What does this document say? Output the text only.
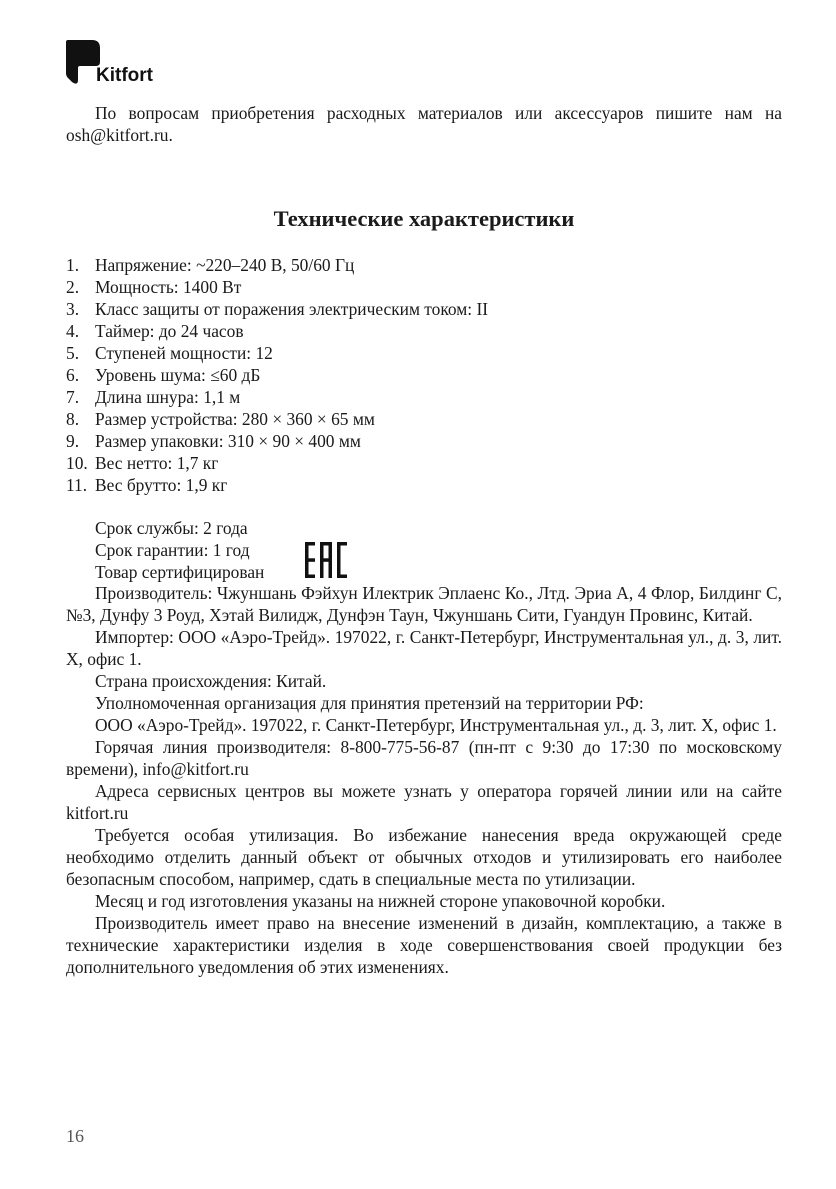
Kitfort

По вопросам приобретения расходных материалов или аксессуаров пишите нам на osh@kitfort.ru.

Технические характеристики
1. Напряжение: ~220–240 В, 50/60 Гц
2. Мощность: 1400 Вт
3. Класс защиты от поражения электрическим током: II
4. Таймер: до 24 часов
5. Ступеней мощности: 12
6. Уровень шума: ≤60 дБ
7. Длина шнура: 1,1 м
8. Размер устройства: 280 × 360 × 65 мм
9. Размер упаковки: 310 × 90 × 400 мм
10. Вес нетто: 1,7 кг
11. Вес брутто: 1,9 кг
Срок службы: 2 года
Срок гарантии: 1 год
Товар сертифицирован

Производитель: Чжуншань Фэйхун Илектрик Эплаенс Ко., Лтд. Эриа А, 4 Флор, Билдинг С, №3, Дунфу 3 Роуд, Хэтай Вилидж, Дунфэн Таун, Чжуншань Сити, Гуандун Провинс, Китай.

Импортер: ООО «Аэро-Трейд». 197022, г. Санкт-Петербург, Инструментальная ул., д. 3, лит. Х, офис 1.

Страна происхождения: Китай.

Уполномоченная организация для принятия претензий на территории РФ:

ООО «Аэро-Трейд». 197022, г. Санкт-Петербург, Инструментальная ул., д. 3, лит. Х, офис 1.

Горячая линия производителя: 8-800-775-56-87 (пн-пт с 9:30 до 17:30 по московскому времени), info@kitfort.ru

Адреса сервисных центров вы можете узнать у оператора горячей линии или на сайте kitfort.ru

Требуется особая утилизация. Во избежание нанесения вреда окружающей среде необходимо отделить данный объект от обычных отходов и утилизировать его наиболее безопасным способом, например, сдать в специальные места по утилизации.

Месяц и год изготовления указаны на нижней стороне упаковочной коробки.

Производитель имеет право на внесение изменений в дизайн, комплектацию, а также в технические характеристики изделия в ходе совершенствования своей продукции без дополнительного уведомления об этих изменениях.

16
